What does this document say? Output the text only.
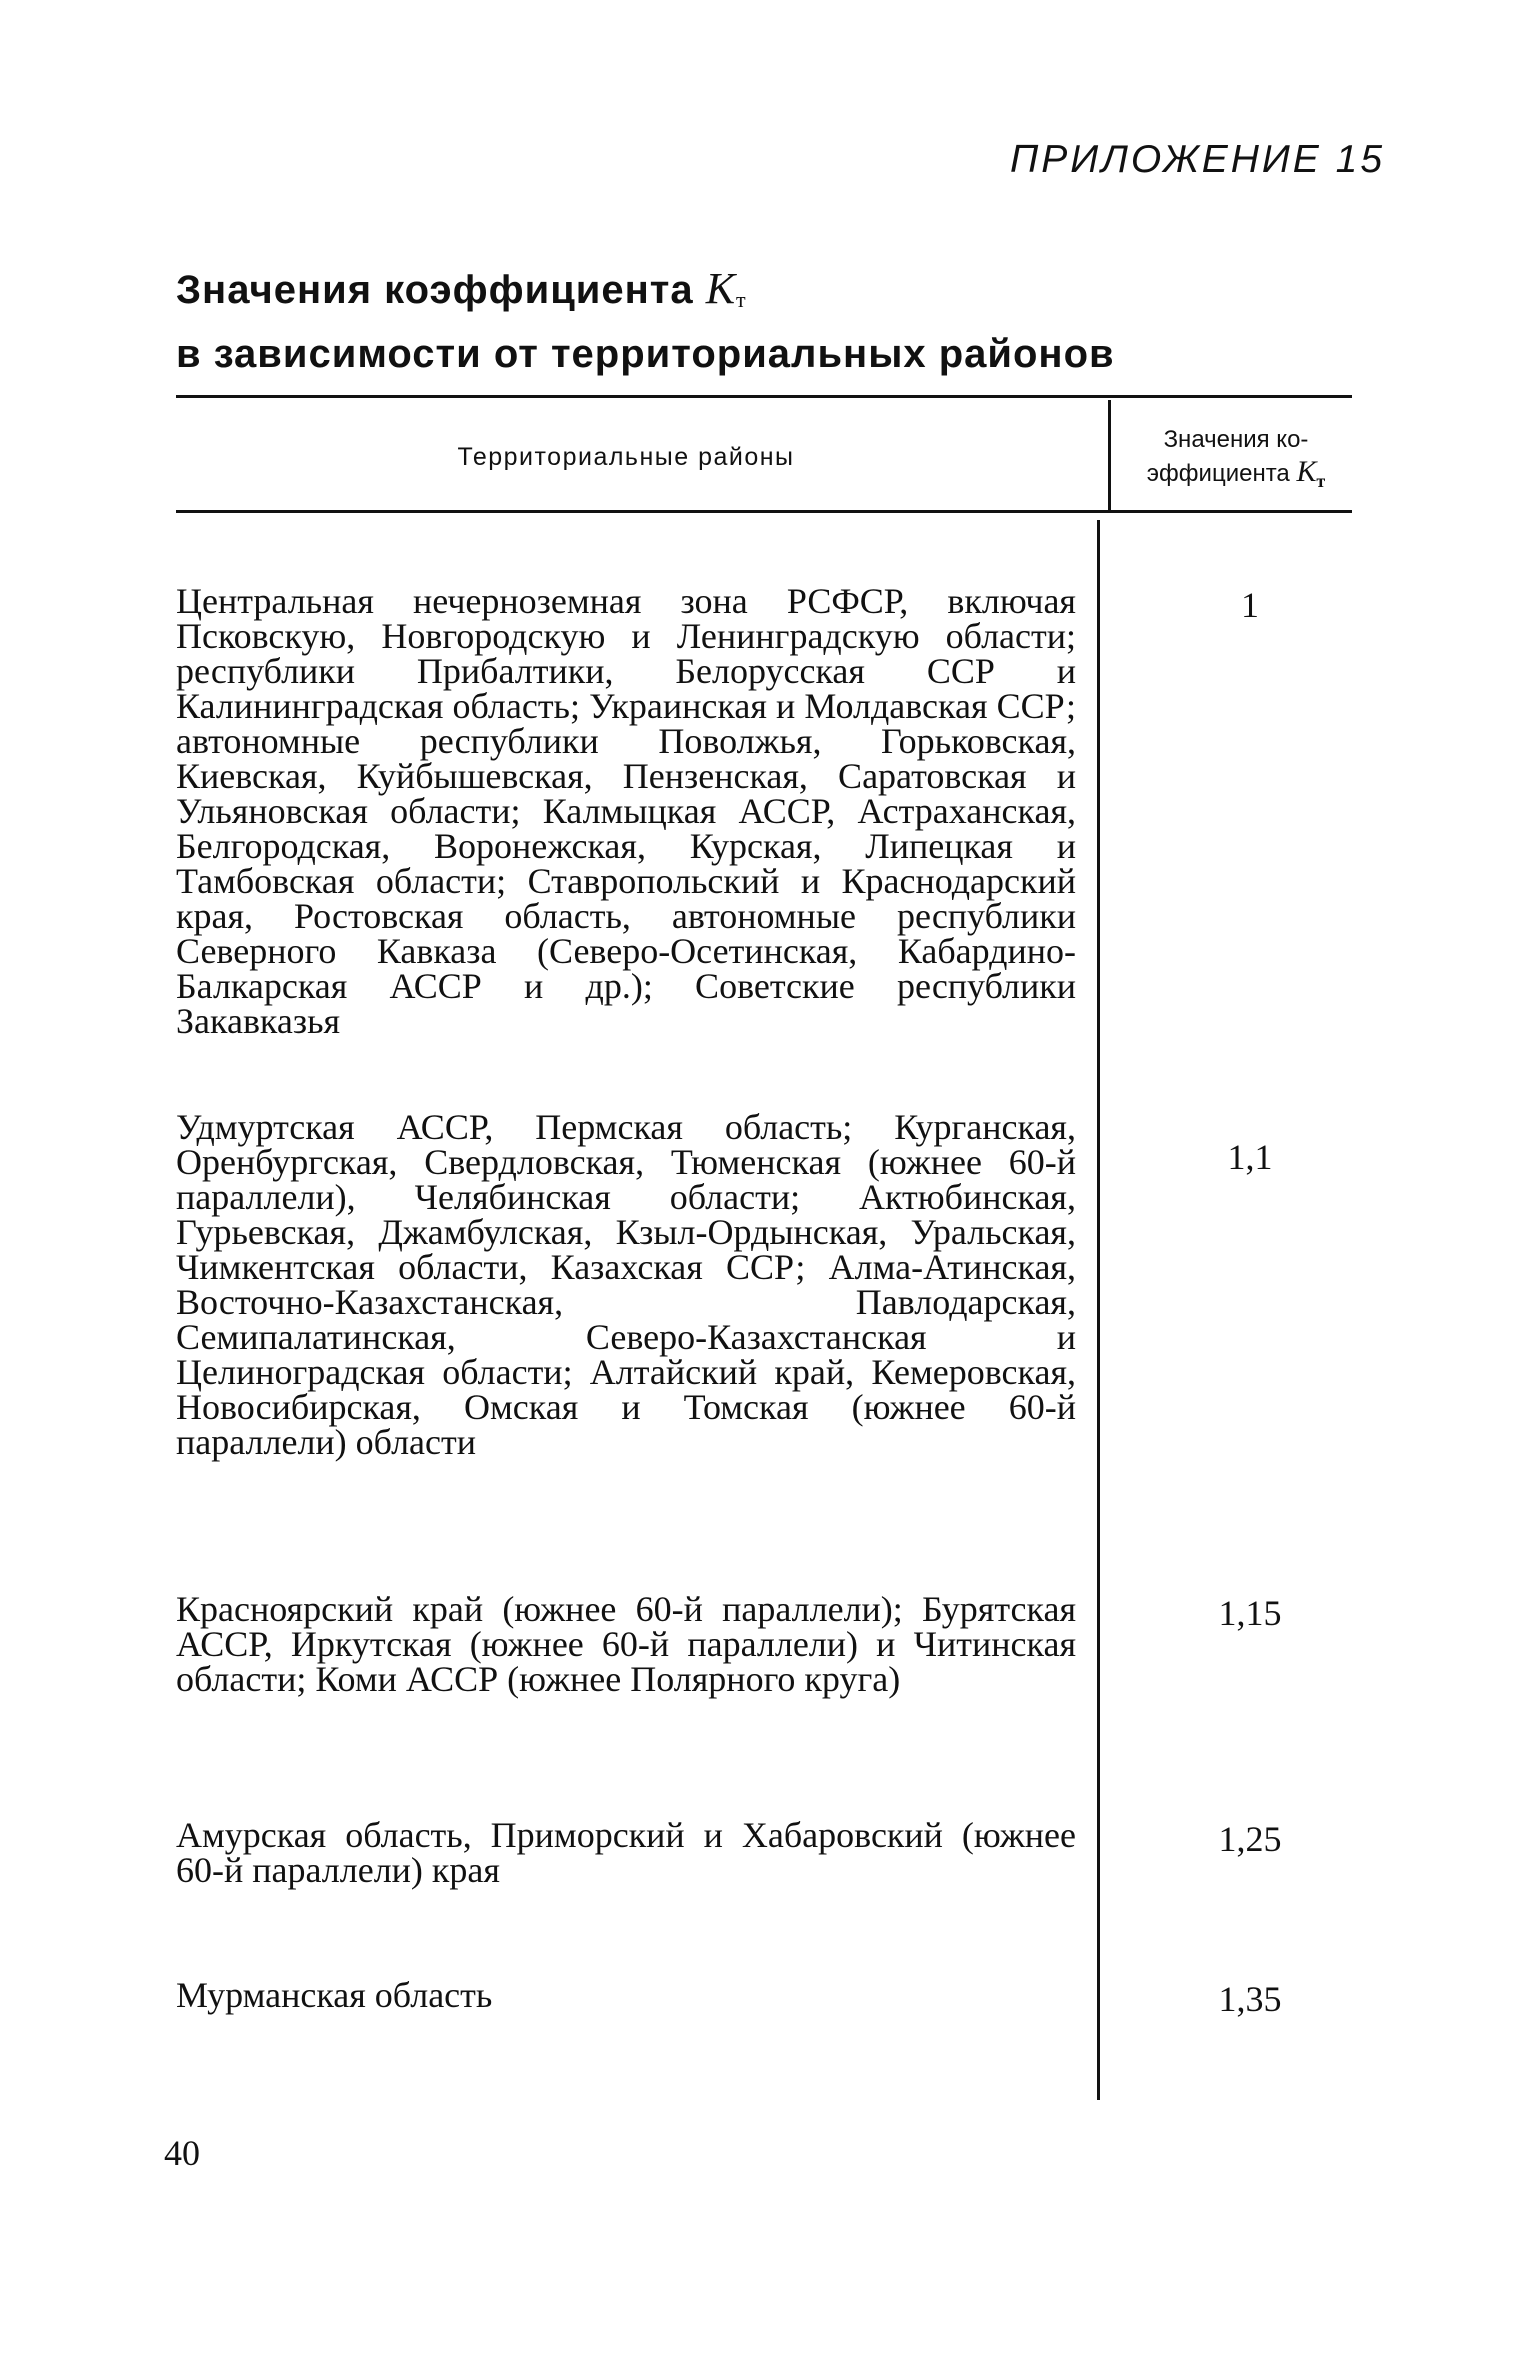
ПРИЛОЖЕНИЕ 15
Значения коэффициента $К_т$
в зависимости от территориальных районов
Территориальные районы
Значения ко-
эффициента $К_т$
Центральная нечерноземная зона РСФСР, включая Псковскую, Новгородскую и Ленинградскую области; республики Прибалтики, Белорусская ССР и Калининградская область; Украинская и Молдавская ССР; автономные республики Поволжья, Горьковская, Киевская, Куйбышевская, Пензенская, Саратовская и Ульяновская области; Калмыцкая АССР, Астраханская, Белгородская, Воронежская, Курская, Липецкая и Тамбовская области; Ставропольский и Краснодарский края, Ростовская область, автономные республики Северного Кавказа (Северо-Осетинская, Кабардино-Балкарская АССР и др.); Советские республики Закавказья
1
Удмуртская АССР, Пермская область; Курганская, Оренбургская, Свердловская, Тюменская (южнее 60-й параллели), Челябинская области; Актюбинская, Гурьевская, Джамбулская, Кзыл-Ордынская, Уральская, Чимкентская области, Казахская ССР; Алма-Атинская, Восточно-Казахстанская, Павлодарская, Семипалатинская, Северо-Казахстанская и Целиноградская области; Алтайский край, Кемеровская, Новосибирская, Омская и Томская (южнее 60-й параллели) области
1,1
Красноярский край (южнее 60-й параллели); Бурятская АССР, Иркутская (южнее 60-й параллели) и Читинская области; Коми АССР (южнее Полярного круга)
1,15
Амурская область, Приморский и Хабаровский (южнее 60-й параллели) края
1,25
Мурманская область	1,35
40
